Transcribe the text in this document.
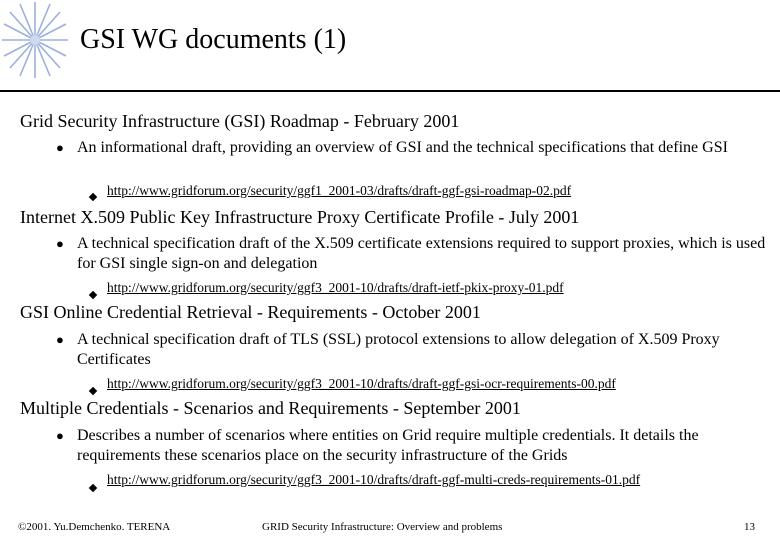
GSI WG documents (1)
Grid Security Infrastructure (GSI) Roadmap - February 2001
● An informational draft, providing an overview of GSI and the technical specifications that define GSI
http://www.gridforum.org/security/ggf1_2001-03/drafts/draft-ggf-gsi-roadmap-02.pdf
Internet X.509 Public Key Infrastructure Proxy Certificate Profile - July 2001
● A technical specification draft of the X.509 certificate extensions required to support proxies, which is used for GSI single sign-on and delegation
http://www.gridforum.org/security/ggf3_2001-10/drafts/draft-ietf-pkix-proxy-01.pdf
GSI Online Credential Retrieval - Requirements - October 2001
● A technical specification draft of TLS (SSL) protocol extensions to allow delegation of X.509 Proxy Certificates
http://www.gridforum.org/security/ggf3_2001-10/drafts/draft-ggf-gsi-ocr-requirements-00.pdf
Multiple Credentials - Scenarios and Requirements - September 2001
● Describes a number of scenarios where entities on Grid require multiple credentials. It details the requirements these scenarios place on the security infrastructure of the Grids
http://www.gridforum.org/security/ggf3_2001-10/drafts/draft-ggf-multi-creds-requirements-01.pdf
©2001. Yu.Demchenko. TERENA	GRID Security Infrastructure: Overview and problems	13
